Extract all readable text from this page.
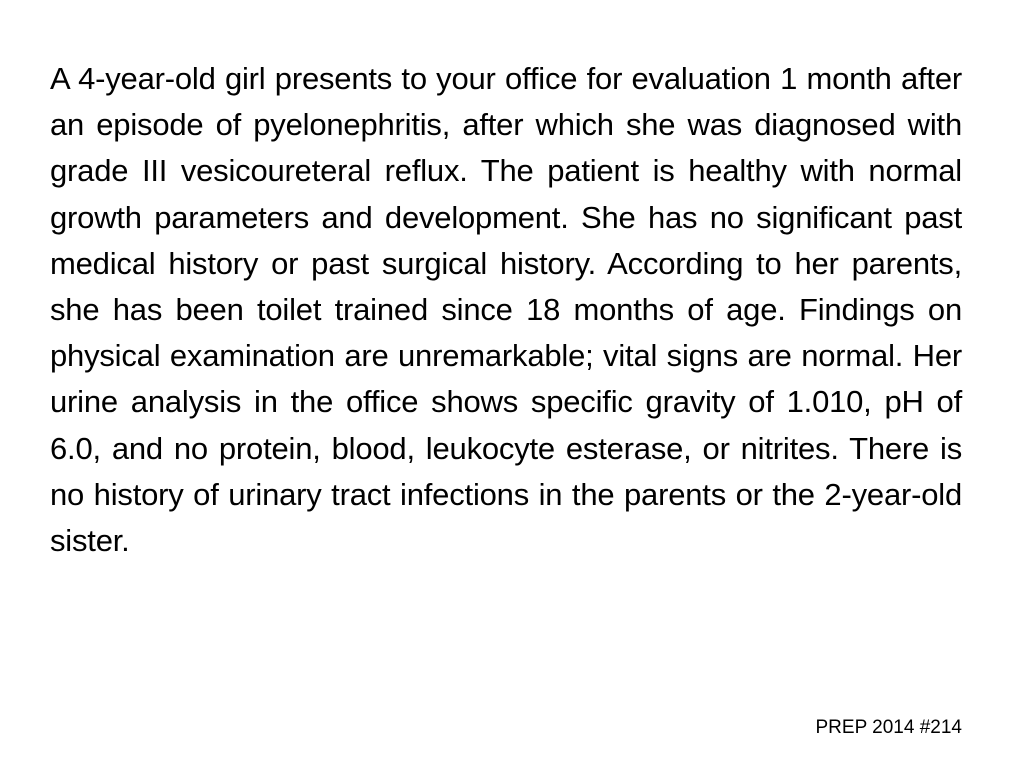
A 4-year-old girl presents to your office for evaluation 1 month after an episode of pyelonephritis, after which she was diagnosed with grade III vesicoureteral reflux. The patient is healthy with normal growth parameters and development. She has no significant past medical history or past surgical history. According to her parents, she has been toilet trained since 18 months of age. Findings on physical examination are unremarkable; vital signs are normal. Her urine analysis in the office shows specific gravity of 1.010, pH of 6.0, and no protein, blood, leukocyte esterase, or nitrites. There is no history of urinary tract infections in the parents or the 2-year-old sister.

PREP 2014 #214
